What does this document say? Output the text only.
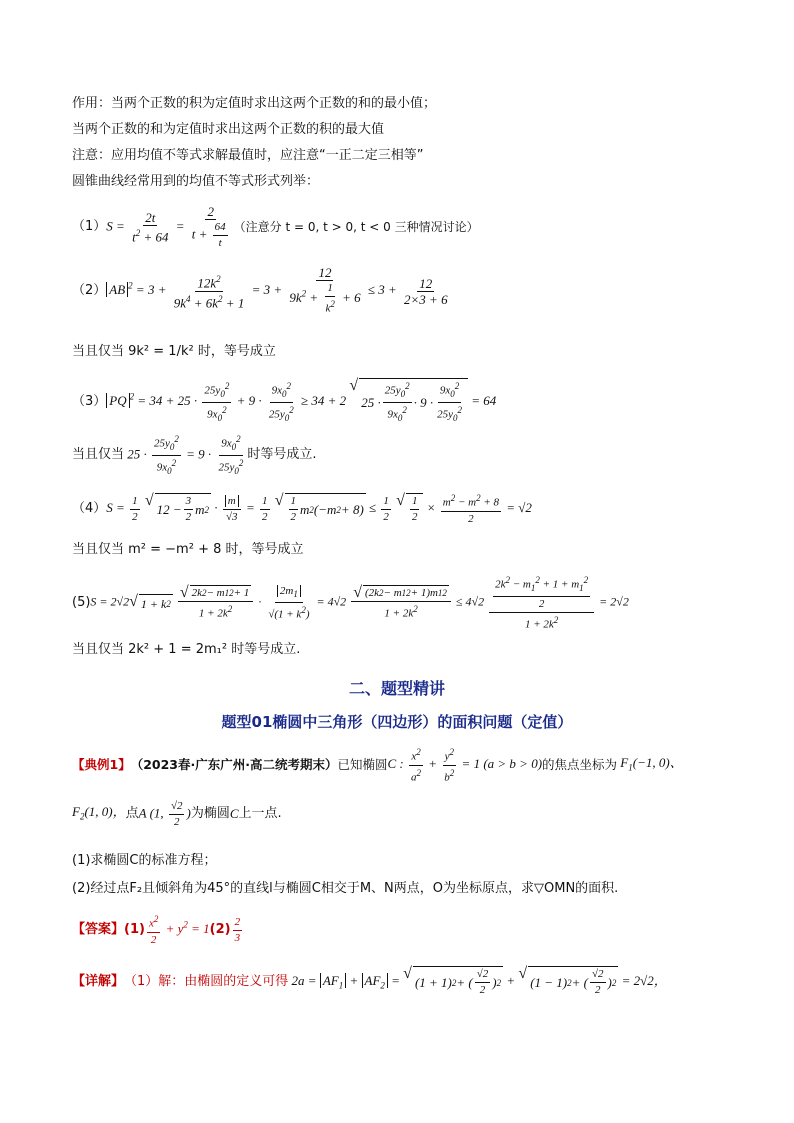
作用：当两个正数的积为定值时求出这两个正数的和的最小值；
当两个正数的和为定值时求出这两个正数的积的最大值
注意：应用均值不等式求解最值时，应注意“一正二定三相等”
圆锥曲线经常用到的均值不等式形式列举：
（1） $S = \frac{2t}{t^2 + 64} = \frac{2}{t + \frac{64}{t}}$ （注意分 t = 0, t > 0, t < 0 三种情况讨论）
（2） AB $^2 = 3 + \frac{12k^2}{9k^4 + 6k^2 + 1} = 3 + \frac{12}{9k^2 + \frac{1}{k^2} + 6} \le 3 + \frac{12}{2\times 3 + 6}$
当且仅当 9k² = 1/k² 时，等号成立
（3） PQ $^2 = 34 + 25 \cdot \frac{25y_0^2}{9x_0^2} + 9 \cdot \frac{9x_0^2}{25y_0^2} \ge 34 + 2$
√
$25 \cdot \frac{25y_0^2}{9x_0^2} \cdot 9 \cdot \frac{9x_0^2}{25y_0^2} = 64$
当且仅当 $25 \cdot \frac{25y_0^2}{9x_0^2} = 9 \cdot \frac{9x_0^2}{25y_0^2}$ 时等号成立.
（4） $S = \frac{1}{2}$
√ $12 - \frac{3}{2}$ m $2 \cdot \frac{m}{√3} = \frac{1}{2}$
√ $\frac{1}{2}$ m 2 (−m $2 + 8) \le \frac{1}{2}$
√ $\frac{1}{2} \times \frac{m^2 - m^2 + 8}{2} = √2$
当且仅当 m² = −m² + 8 时，等号成立
(5) S = 2√2 √ 1 + k 2
$\frac{√ 2k 2 - m 1 2 + 1}{1 + 2k^2} \cdot \frac{2m_1}{√(1 + k^2)} = 4√2 \frac{√ (2k 2 - m 1 2 + 1)m 1 2}{1 + 2k^2} \le 4√2 \frac{\frac{2k^2 - m_1^2 + 1 + m_1^2}{2}}{1 + 2k^2} = 2√2$
当且仅当 2k² + 1 = 2m₁² 时等号成立.
二、题型精讲
题型01椭圆中三角形（四边形）的面积问题（定值）
【典例1】 （2023春·广东广州·高二统考期末） 已知椭圆 C : $\frac{x^2}{a^2} + \frac{y^2}{b^2} = 1$ (a > b > 0) 的焦点坐标为 $F_1(-1$, 0)、
$F_2(1$, 0)， 点 A (1, $\frac{√2}{2}$ ) 为椭圆 C 上一点.
(1)求椭圆C的标准方程；
(2)经过点F₂且倾斜角为45°的直线l与椭圆C相交于M、N两点，O为坐标原点，求▽OMN的面积.
【答案】 $(1) \frac{x^2}{2} + y^2 = 1$ $(2) \frac{2}{3}$
【详解】 （1）解：由椭圆的定义可得 $2a = AF_1 + AF_2$ = √ (1 + 1) 2 + ( $\frac{√2}{2}$ ) 2 + √ (1 − 1) 2 + ( $\frac{√2}{2}$ ) 2 = 2√2，
